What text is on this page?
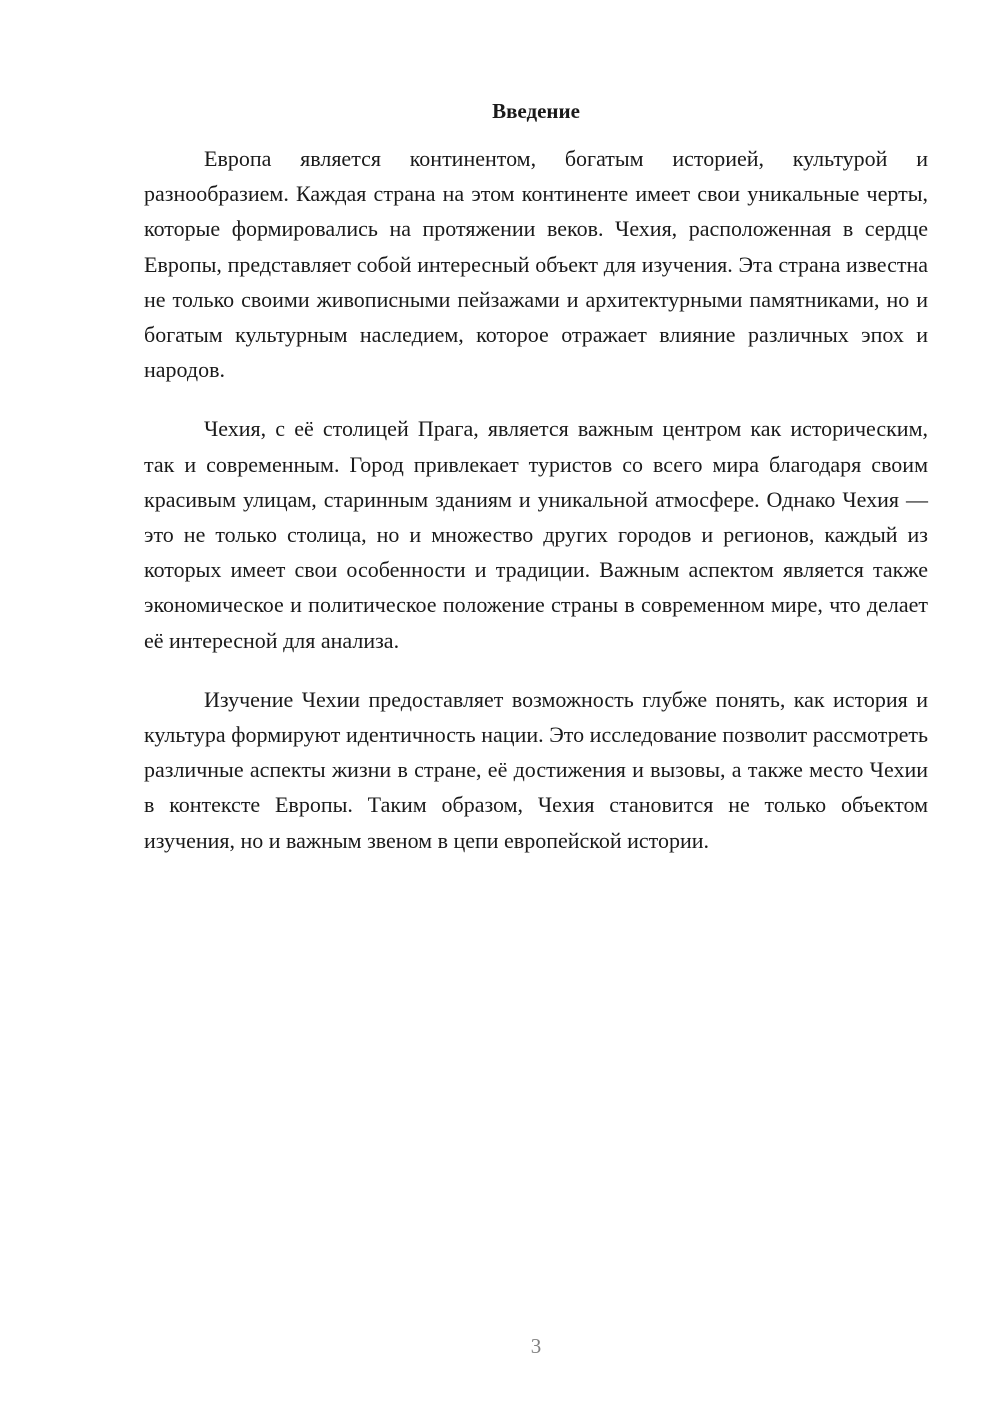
Введение

Европа является континентом, богатым историей, культурой и разнообразием. Каждая страна на этом континенте имеет свои уникальные черты, которые формировались на протяжении веков. Чехия, расположенная в сердце Европы, представляет собой интересный объект для изучения. Эта страна известна не только своими живописными пейзажами и архитектурными памятниками, но и богатым культурным наследием, которое отражает влияние различных эпох и народов.

Чехия, с её столицей Прага, является важным центром как историческим, так и современным. Город привлекает туристов со всего мира благодаря своим красивым улицам, старинным зданиям и уникальной атмосфере. Однако Чехия — это не только столица, но и множество других городов и регионов, каждый из которых имеет свои особенности и традиции. Важным аспектом является также экономическое и политическое положение страны в современном мире, что делает её интересной для анализа.

Изучение Чехии предоставляет возможность глубже понять, как история и культура формируют идентичность нации. Это исследование позволит рассмотреть различные аспекты жизни в стране, её достижения и вызовы, а также место Чехии в контексте Европы. Таким образом, Чехия становится не только объектом изучения, но и важным звеном в цепи европейской истории.

3
